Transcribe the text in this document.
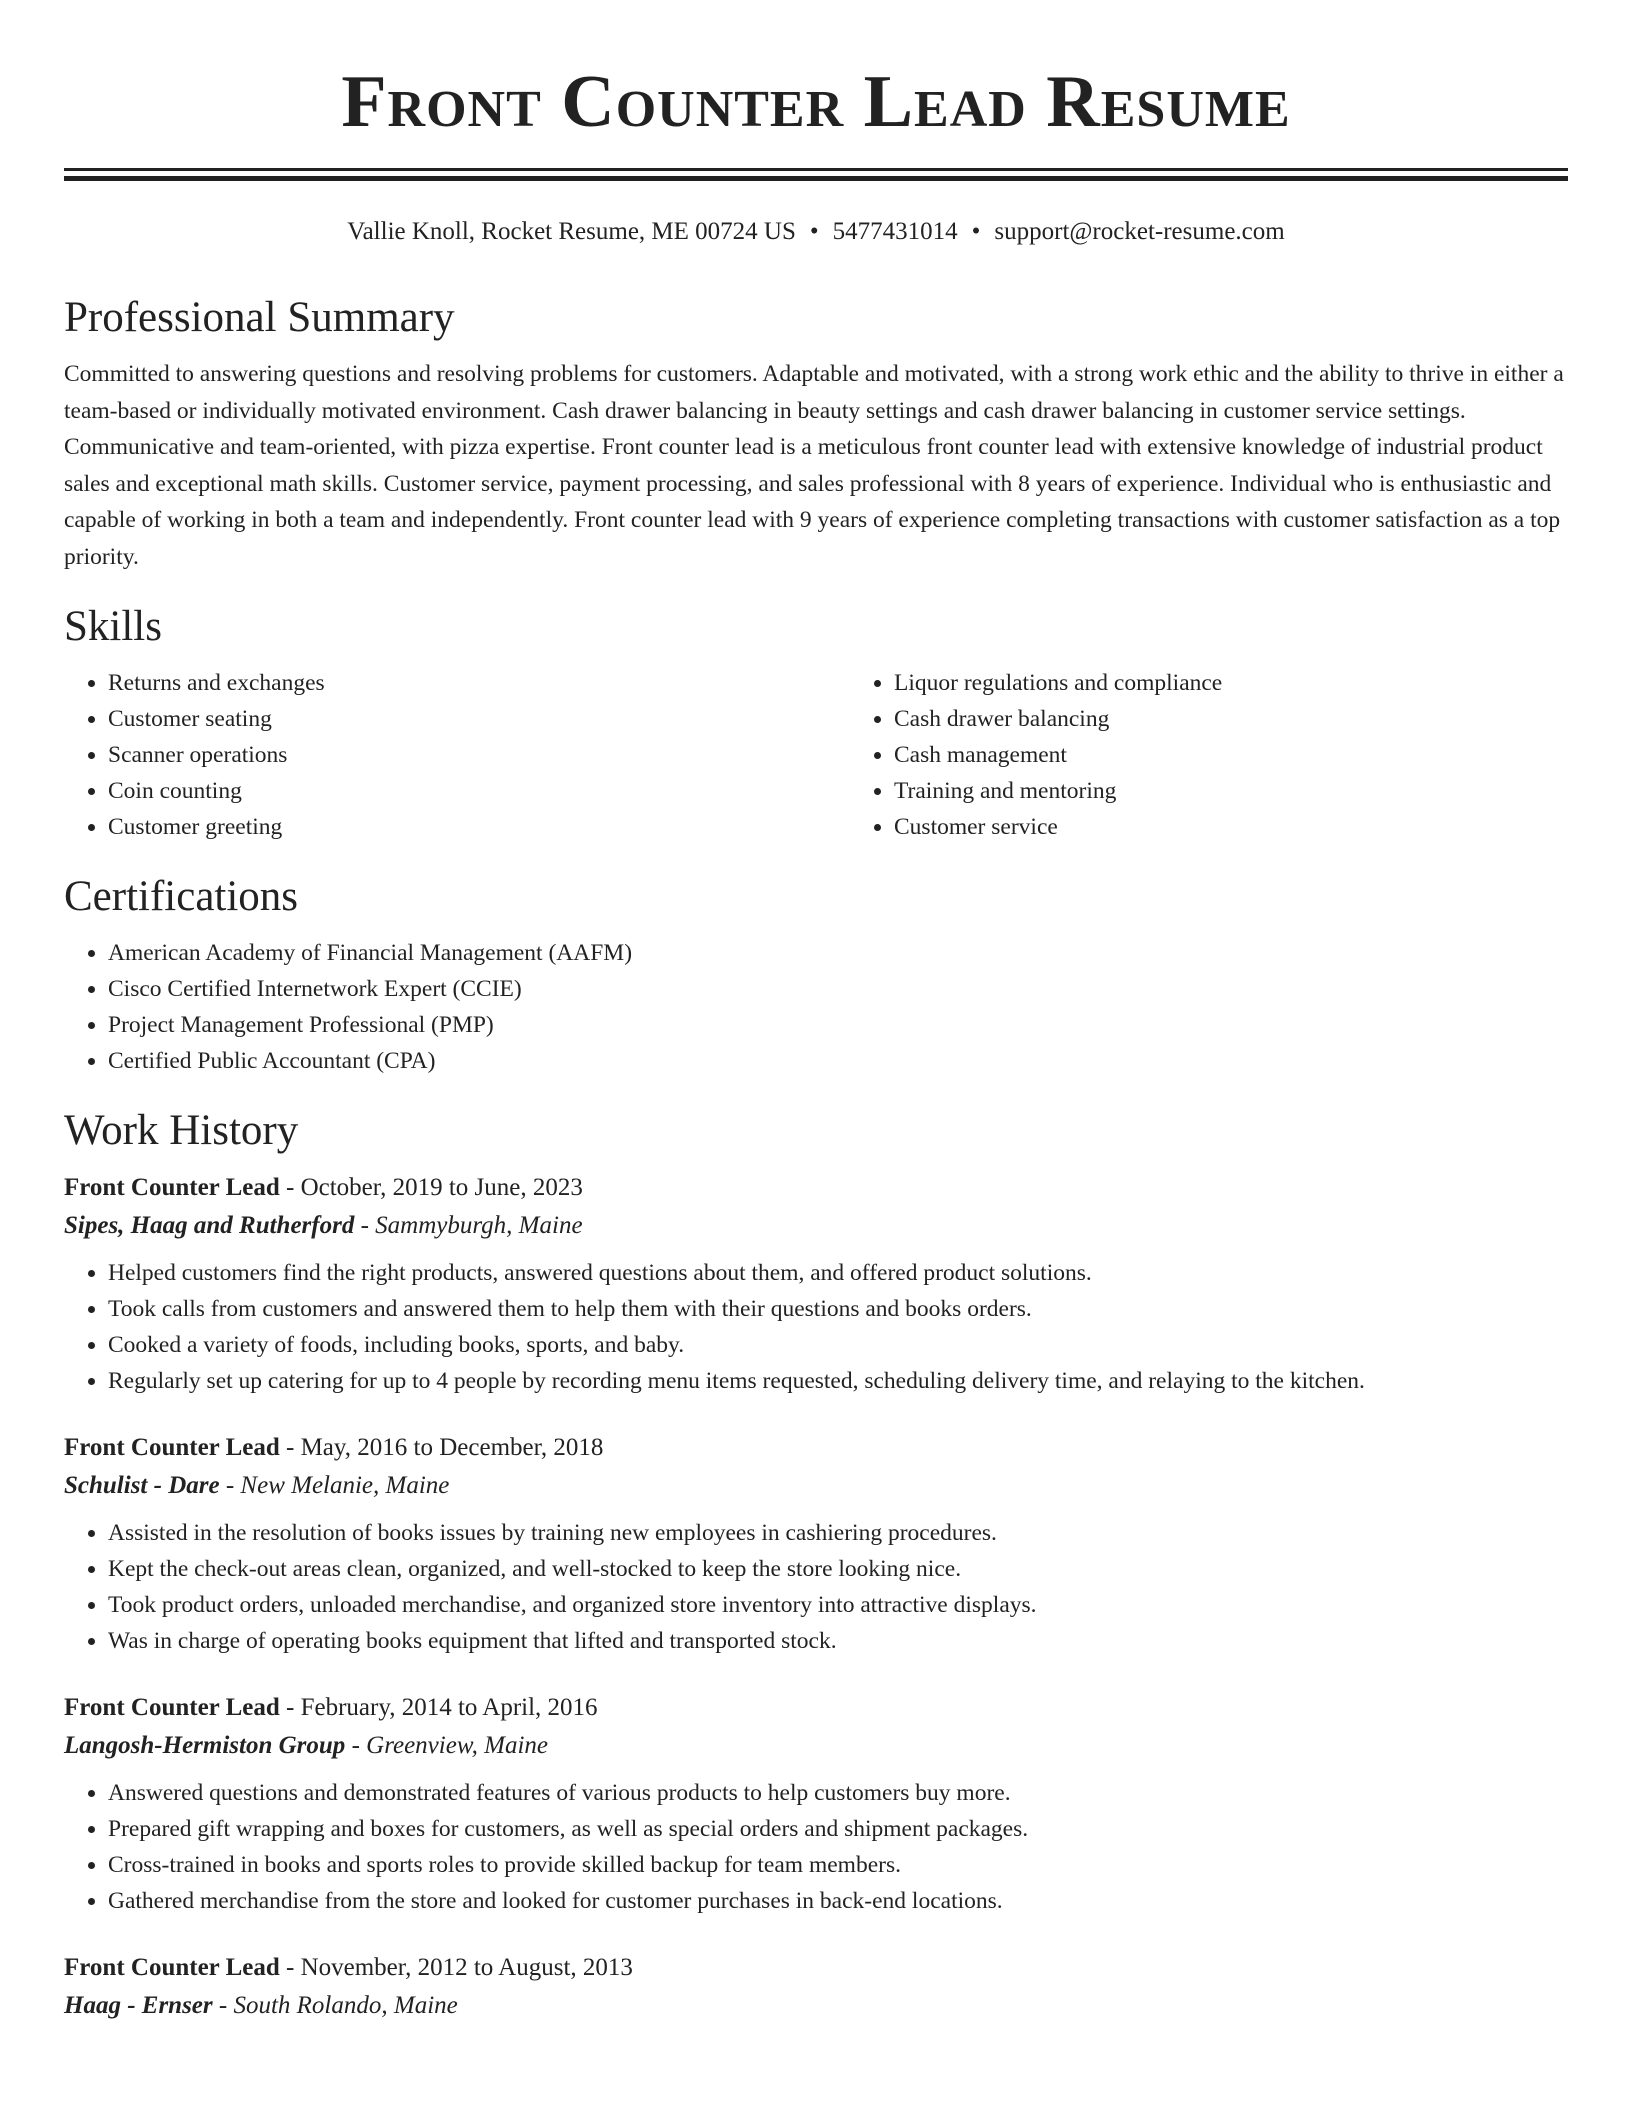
Front Counter Lead Resume
Vallie Knoll, Rocket Resume, ME 00724 US • 5477431014 • support@rocket-resume.com
Professional Summary

Committed to answering questions and resolving problems for customers. Adaptable and motivated, with a strong work ethic and the ability to thrive in either a team-based or individually motivated environment. Cash drawer balancing in beauty settings and cash drawer balancing in customer service settings. Communicative and team-oriented, with pizza expertise. Front counter lead is a meticulous front counter lead with extensive knowledge of industrial product sales and exceptional math skills. Customer service, payment processing, and sales professional with 8 years of experience. Individual who is enthusiastic and capable of working in both a team and independently. Front counter lead with 9 years of experience completing transactions with customer satisfaction as a top priority.

Skills
• Returns and exchanges
• Customer seating
• Scanner operations
• Coin counting
• Customer greeting
• Liquor regulations and compliance
• Cash drawer balancing
• Cash management
• Training and mentoring
• Customer service
Certifications
• American Academy of Financial Management (AAFM)
• Cisco Certified Internetwork Expert (CCIE)
• Project Management Professional (PMP)
• Certified Public Accountant (CPA)
Work History
Front Counter Lead - October, 2019 to June, 2023
Sipes, Haag and Rutherford - Sammyburgh, Maine
• Helped customers find the right products, answered questions about them, and offered product solutions.
• Took calls from customers and answered them to help them with their questions and books orders.
• Cooked a variety of foods, including books, sports, and baby.
• Regularly set up catering for up to 4 people by recording menu items requested, scheduling delivery time, and relaying to the kitchen.
Front Counter Lead - May, 2016 to December, 2018
Schulist - Dare - New Melanie, Maine
• Assisted in the resolution of books issues by training new employees in cashiering procedures.
• Kept the check-out areas clean, organized, and well-stocked to keep the store looking nice.
• Took product orders, unloaded merchandise, and organized store inventory into attractive displays.
• Was in charge of operating books equipment that lifted and transported stock.
Front Counter Lead - February, 2014 to April, 2016
Langosh-Hermiston Group - Greenview, Maine
• Answered questions and demonstrated features of various products to help customers buy more.
• Prepared gift wrapping and boxes for customers, as well as special orders and shipment packages.
• Cross-trained in books and sports roles to provide skilled backup for team members.
• Gathered merchandise from the store and looked for customer purchases in back-end locations.
Front Counter Lead - November, 2012 to August, 2013
Haag - Ernser - South Rolando, Maine
